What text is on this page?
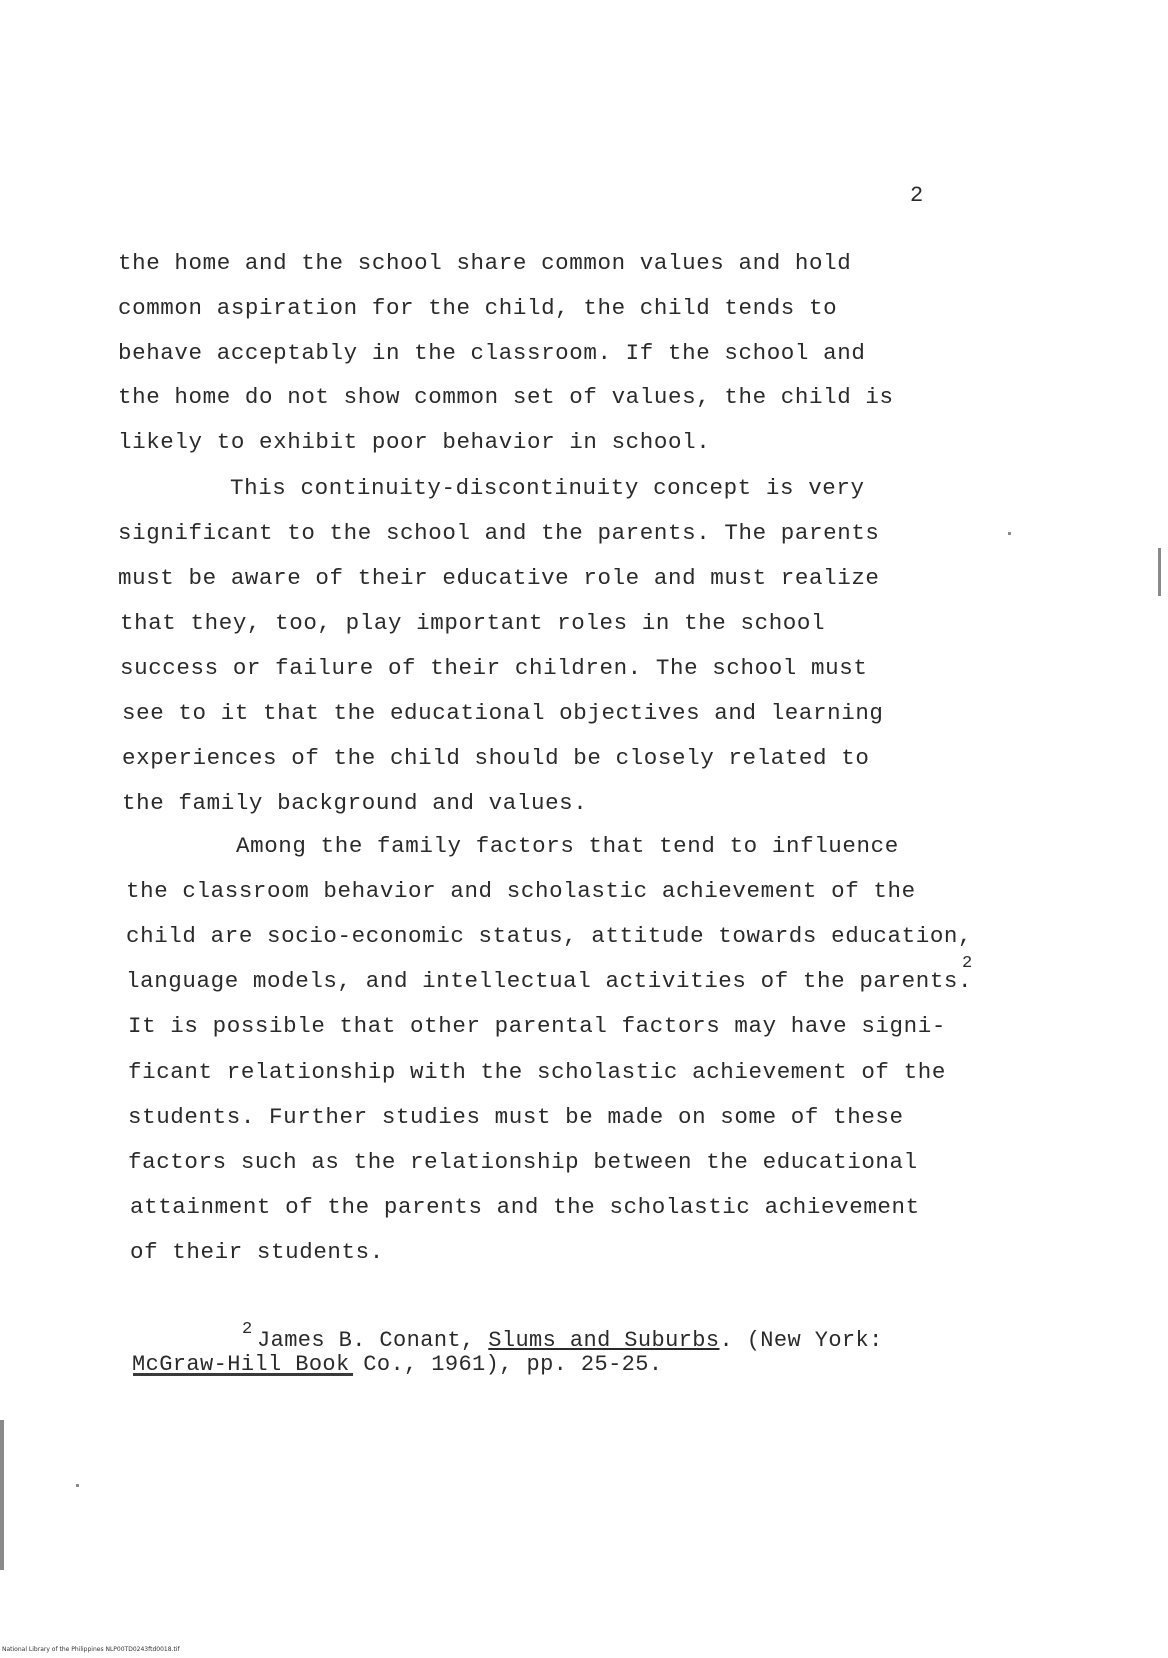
2
the home and the school share common values and hold
common aspiration for the child, the child tends to
behave acceptably in the classroom. If the school and
the home do not show common set of values, the child is
likely to exhibit poor behavior in school.
This continuity-discontinuity concept is very
significant to the school and the parents. The parents
must be aware of their educative role and must realize
that they, too, play important roles in the school
success or failure of their children. The school must
see to it that the educational objectives and learning
experiences of the child should be closely related to
the family background and values.
Among the family factors that tend to influence
the classroom behavior and scholastic achievement of the
child are socio-economic status, attitude towards education,
language models, and intellectual activities of the parents.
2
It is possible that other parental factors may have signi-
ficant relationship with the scholastic achievement of the
students. Further studies must be made on some of these
factors such as the relationship between the educational
attainment of the parents and the scholastic achievement
of their students.
2 James B. Conant, Slums and Suburbs. (New York:
McGraw-Hill Book Co., 1961), pp. 25-25.
National Library of the Philippines NLP00TD0243ftd0018.tif
